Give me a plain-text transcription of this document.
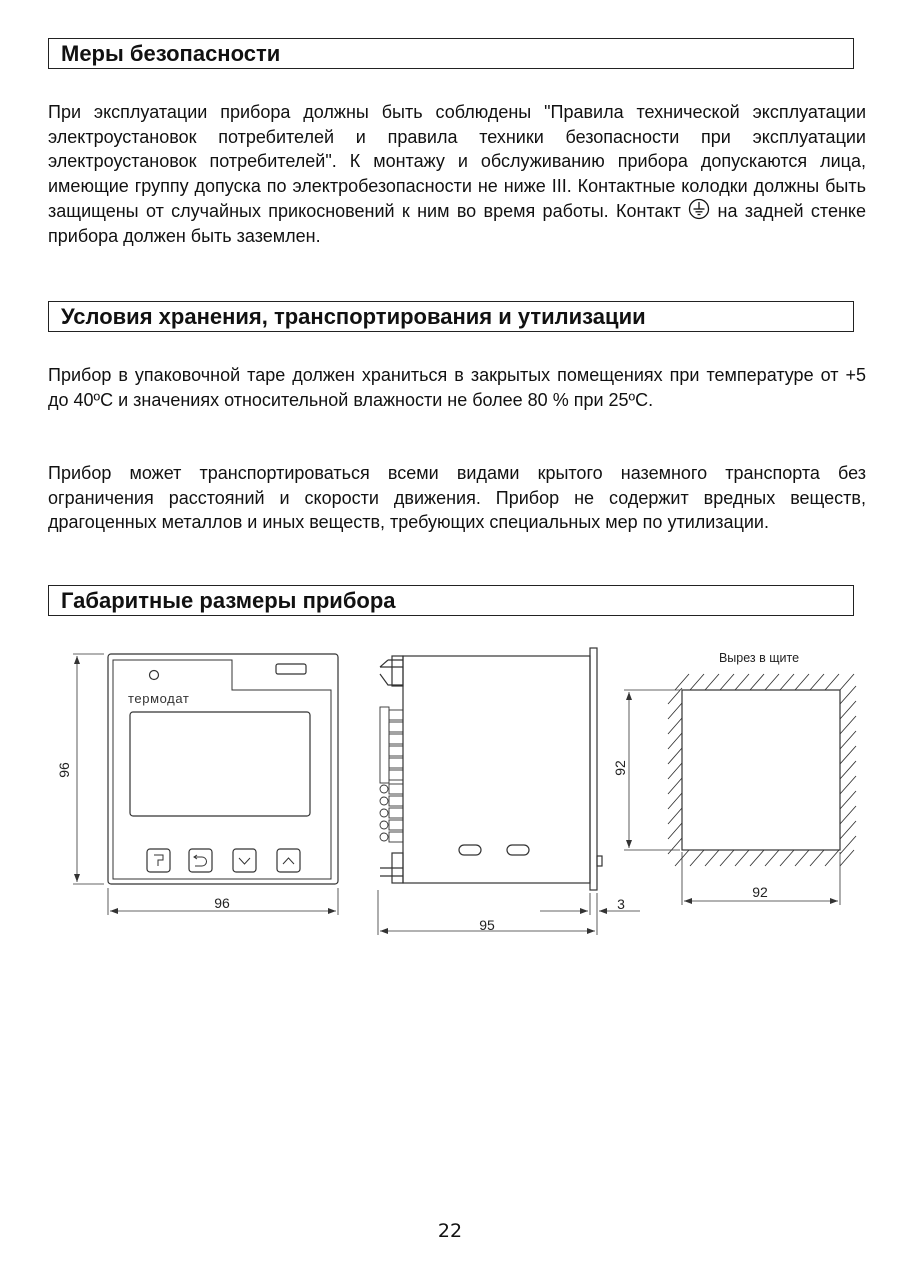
Меры безопасности

При эксплуатации прибора должны быть соблюдены "Правила технической эксплуатации электроустановок потребителей и правила техники безопасности при эксплуатации электроустановок потребителей". К монтажу и обслуживанию прибора допускаются лица, имеющие группу допуска по электробезопасности не ниже III. Контактные колодки должны быть защищены от случайных прикосновений к ним во время работы. Контакт на задней стенке прибора должен быть заземлен.

Условия хранения, транспортирования и утилизации

Прибор в упаковочной таре должен храниться в закрытых помещениях при температуре от +5 до 40ºС и значениях относительной влажности не более 80 % при 25ºС.

Прибор может транспортироваться всеми видами крытого наземного транспорта без ограничения расстояний и скорости движения. Прибор не содержит вредных веществ, драгоценных металлов и иных веществ, требующих специальных мер по утилизации.

Габаритные размеры прибора
термодат
96
96
95
3
Вырез в щите
92
92
22
